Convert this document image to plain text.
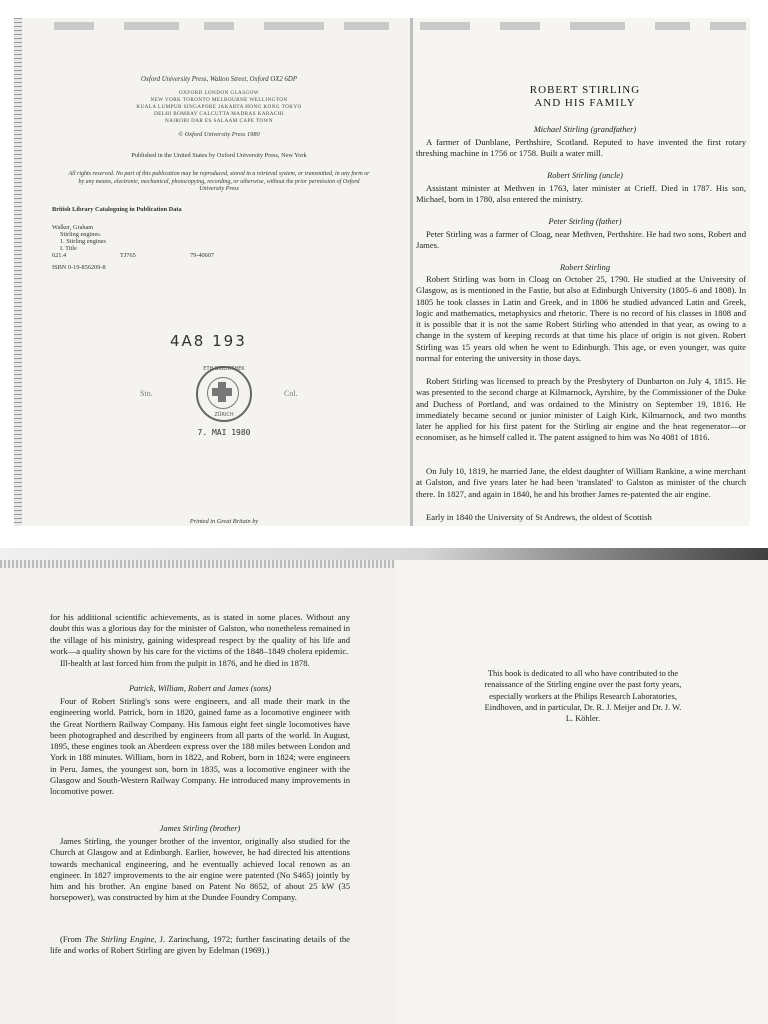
Oxford University Press, Walton Street, Oxford OX2 6DP

OXFORD LONDON GLASGOW

NEW YORK TORONTO MELBOURNE WELLINGTON

KUALA LUMPUR SINGAPORE JAKARTA HONG KONG TOKYO

DELHI BOMBAY CALCUTTA MADRAS KARACHI

NAIROBI DAR ES SALAAM CAPE TOWN

© Oxford University Press 1980

Published in the United States by Oxford University Press, New York

All rights reserved. No part of this publication may be reproduced, stored in a retrieval system, or transmitted, in any form or by any means, electronic, mechanical, photocopying, recording, or otherwise, without the prior permission of Oxford University Press

British Library Cataloguing in Publication Data

Walker, Graham

Stirling engines.

1. Stirling engines

I. Title

621.4	TJ765	79-40607

ISBN 0-19-856209-8

4A8 193

Sto.	Col.

ETH-BIBLIOTHEK
ZÜRICH

7. MAI 1980

Printed in Great Britain by

ROBERT STIRLING

AND HIS FAMILY

Michael Stirling (grandfather)

A farmer of Dunblane, Perthshire, Scotland. Reputed to have invented the first rotary threshing machine in 1756 or 1758. Built a water mill.

Robert Stirling (uncle)

Assistant minister at Methven in 1763, later minister at Crieff. Died in 1787. His son, Michael, born in 1780, also entered the ministry.

Peter Stirling (father)

Peter Stirling was a farmer of Cloag, near Methven, Perthshire. He had two sons, Robert and James.

Robert Stirling

Robert Stirling was born in Cloag on October 25, 1790. He studied at the University of Glasgow, as is mentioned in the Fastie, but also at Edinburgh University (1805–6 and 1808). In 1805 he took classes in Latin and Greek, and in 1806 he studied advanced Latin and Greek, logic and mathematics, metaphysics and rhetoric. There is no record of his classes in 1808 and it is possible that it is not the same Robert Stirling who attended in that year, as owing to a change in the system of keeping records at that time his place of origin is not given. Robert Stirling was 15 years old when he went to Edinburgh. This age, or even younger, was quite normal for entering the university in those days.

Robert Stirling was licensed to preach by the Presbytery of Dunbarton on July 4, 1815. He was presented to the second charge at Kilmarnock, Ayrshire, by the Commissioner of the Duke and Duchess of Portland, and was ordained to the Ministry on September 19, 1816. He immediately became second or junior minister of Laigh Kirk, Kilmarnock, and two months later he applied for his first patent for the Stirling air engine and the heat regenerator—or economiser, as he himself called it. The patent assigned to him was No 4081 of 1816.

On July 10, 1819, he married Jane, the eldest daughter of William Rankine, a wine merchant at Galston, and five years later he had been 'translated' to Galston as minister of the church there. In 1827, and again in 1840, he and his brother James re-patented the air engine.

Early in 1840 the University of St Andrews, the oldest of Scottish

for his additional scientific achievements, as is stated in some places. Without any doubt this was a glorious day for the minister of Galston, who nonetheless remained in the village of his ministry, gaining widespread respect by the quality of his life and work—a quality shown by his care for the victims of the 1848–1849 cholera epidemic.

Ill-health at last forced him from the pulpit in 1876, and he died in 1878.

Patrick, William, Robert and James (sons)

Four of Robert Stirling's sons were engineers, and all made their mark in the engineering world. Patrick, born in 1820, gained fame as a locomotive engineer with the Great Northern Railway Company. His famous eight feet single locomotives have been photographed and described by engineers from all parts of the world. In August, 1895, these engines took an Aberdeen express over the 188 miles between London and York in 188 minutes. William, born in 1822, and Robert, born in 1824; were engineers in Peru. James, the youngest son, born in 1835, was a locomotive engineer with the Glasgow and South-Western Railway Company. He introduced many improvements in locomotive power.

James Stirling (brother)

James Stirling, the younger brother of the inventor, originally also studied for the Church at Glasgow and at Edinburgh. Earlier, however, he had directed his attentions towards mechanical engineering, and he eventually achieved local renown as an engineer. In 1827 improvements to the air engine were patented (No S465) jointly by him and his brother. An engine based on Patent No 8652, of about 25 kW (35 horsepower), was constructed by him at the Dundee Foundry Company.

(From The Stirling Engine, J. Zarinchang, 1972; further fascinating details of the life and works of Robert Stirling are given by Edelman (1969).)

This book is dedicated to all who have contributed to the renaissance of the Stirling engine over the past forty years, especially workers at the Philips Research Laboratories, Eindhoven, and in particular, Dr. R. J. Meijer and Dr. J. W. L. Köhler.
